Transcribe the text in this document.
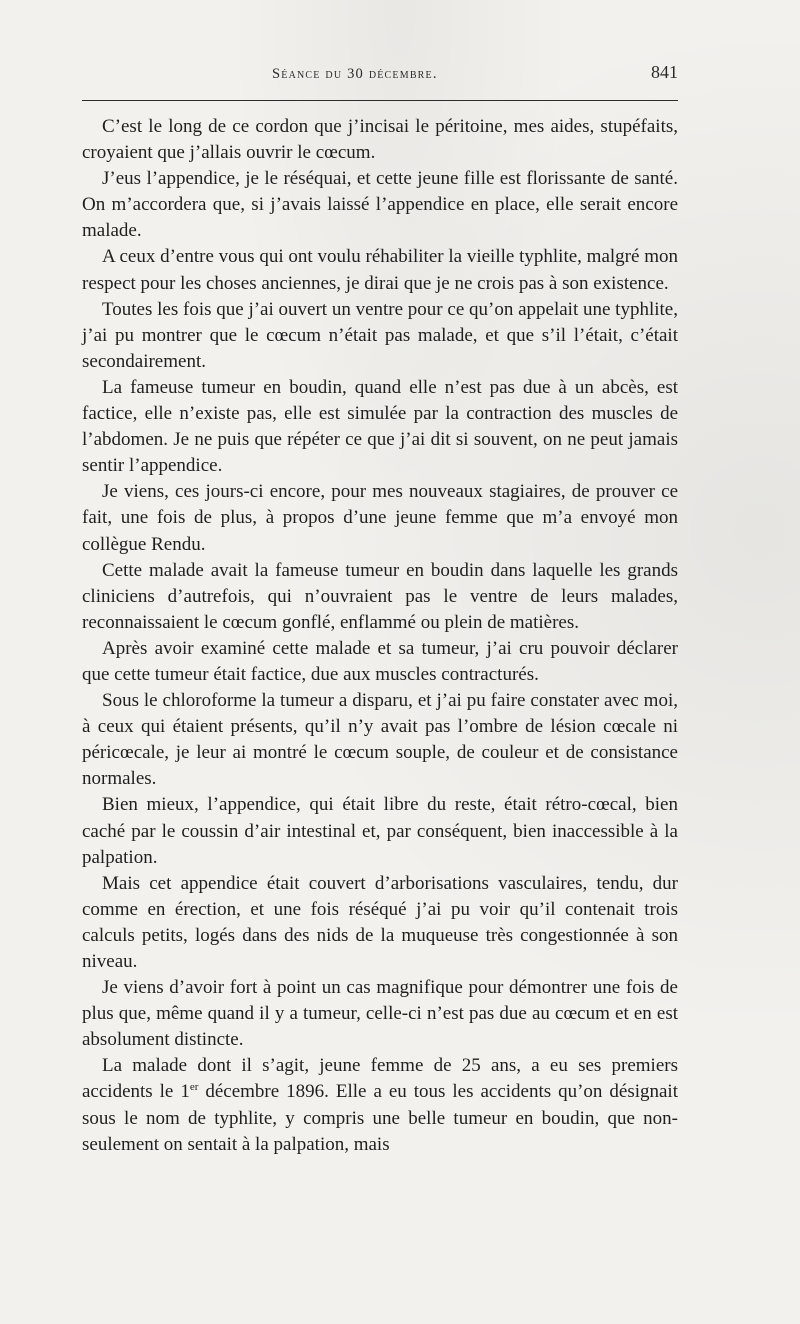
Séance du 30 décembre.	841

C’est le long de ce cordon que j’incisai le péritoine, mes aides, stupéfaits, croyaient que j’allais ouvrir le cœcum.

J’eus l’appendice, je le réséquai, et cette jeune fille est florissante de santé. On m’accordera que, si j’avais laissé l’appendice en place, elle serait encore malade.

A ceux d’entre vous qui ont voulu réhabiliter la vieille typhlite, malgré mon respect pour les choses anciennes, je dirai que je ne crois pas à son existence.

Toutes les fois que j’ai ouvert un ventre pour ce qu’on appelait une typhlite, j’ai pu montrer que le cœcum n’était pas malade, et que s’il l’était, c’était secondairement.

La fameuse tumeur en boudin, quand elle n’est pas due à un abcès, est factice, elle n’existe pas, elle est simulée par la contraction des muscles de l’abdomen. Je ne puis que répéter ce que j’ai dit si souvent, on ne peut jamais sentir l’appendice.

Je viens, ces jours-ci encore, pour mes nouveaux stagiaires, de prouver ce fait, une fois de plus, à propos d’une jeune femme que m’a envoyé mon collègue Rendu.

Cette malade avait la fameuse tumeur en boudin dans laquelle les grands cliniciens d’autrefois, qui n’ouvraient pas le ventre de leurs malades, reconnaissaient le cœcum gonflé, enflammé ou plein de matières.

Après avoir examiné cette malade et sa tumeur, j’ai cru pouvoir déclarer que cette tumeur était factice, due aux muscles contracturés.

Sous le chloroforme la tumeur a disparu, et j’ai pu faire constater avec moi, à ceux qui étaient présents, qu’il n’y avait pas l’ombre de lésion cœcale ni péricœcale, je leur ai montré le cœcum souple, de couleur et de consistance normales.

Bien mieux, l’appendice, qui était libre du reste, était rétro-cœcal, bien caché par le coussin d’air intestinal et, par conséquent, bien inaccessible à la palpation.

Mais cet appendice était couvert d’arborisations vasculaires, tendu, dur comme en érection, et une fois réséqué j’ai pu voir qu’il contenait trois calculs petits, logés dans des nids de la muqueuse très congestionnée à son niveau.

Je viens d’avoir fort à point un cas magnifique pour démontrer une fois de plus que, même quand il y a tumeur, celle-ci n’est pas due au cœcum et en est absolument distincte.

La malade dont il s’agit, jeune femme de 25 ans, a eu ses premiers accidents le 1er décembre 1896. Elle a eu tous les accidents qu’on désignait sous le nom de typhlite, y compris une belle tumeur en boudin, que non-seulement on sentait à la palpation, mais
